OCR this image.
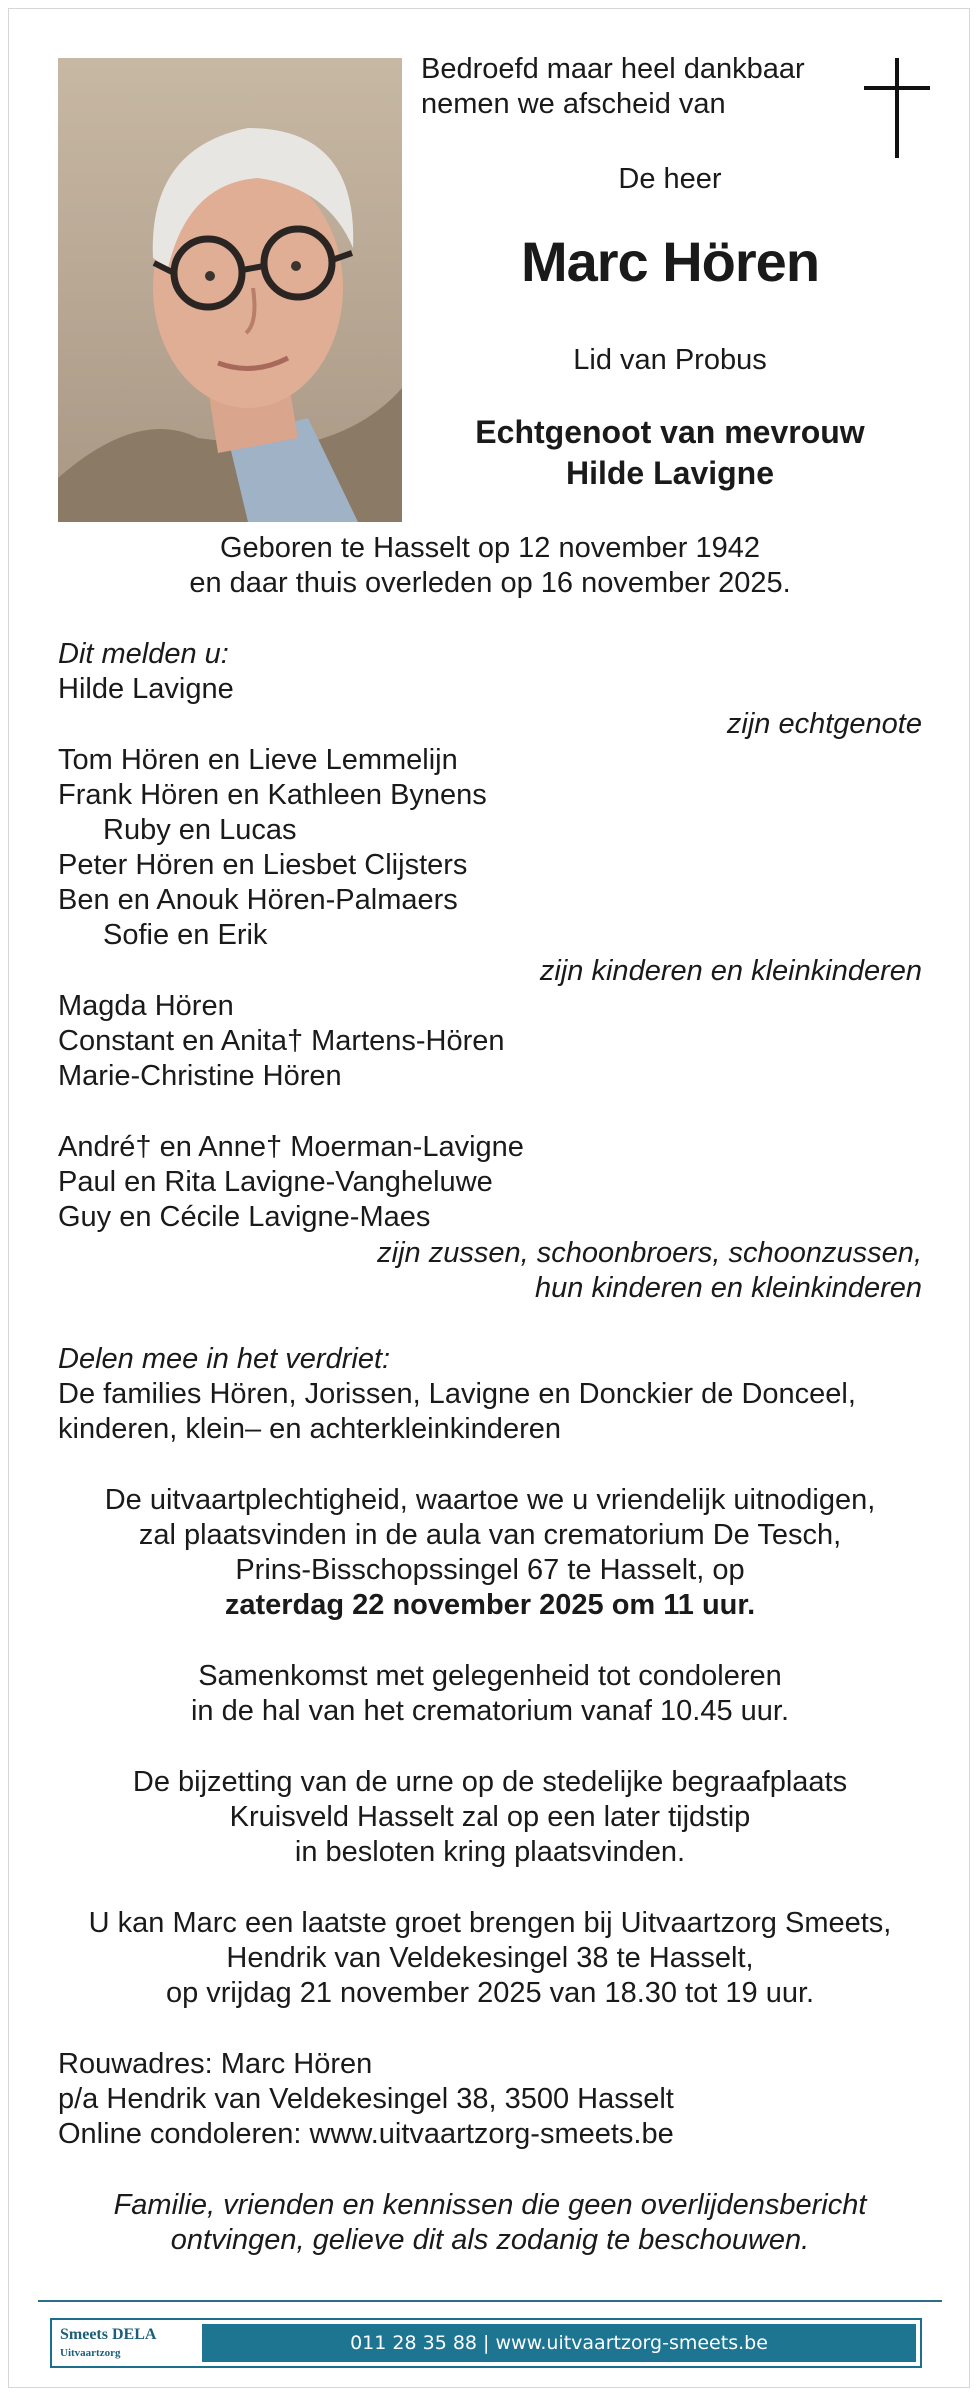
Bedroefd maar heel dankbaar
nemen we afscheid van
De heer
Marc Hören
Lid van Probus
Echtgenoot van mevrouw
Hilde Lavigne
Geboren te Hasselt op 12 november 1942
en daar thuis overleden op 16 november 2025.
Dit melden u:
Hilde Lavigne
zijn echtgenote
Tom Hören en Lieve Lemmelijn
Frank Hören en Kathleen Bynens
Ruby en Lucas
Peter Hören en Liesbet Clijsters
Ben en Anouk Hören-Palmaers
Sofie en Erik
zijn kinderen en kleinkinderen
Magda Hören
Constant en Anita† Martens-Hören
Marie-Christine Hören
André† en Anne† Moerman-Lavigne
Paul en Rita Lavigne-Vangheluwe
Guy en Cécile Lavigne-Maes
zijn zussen, schoonbroers, schoonzussen,
hun kinderen en kleinkinderen
Delen mee in het verdriet:
De families Hören, Jorissen, Lavigne en Donckier de Donceel,
kinderen, klein– en achterkleinkinderen
De uitvaartplechtigheid, waartoe we u vriendelijk uitnodigen,
zal plaatsvinden in de aula van crematorium De Tesch,
Prins-Bisschopssingel 67 te Hasselt, op
zaterdag 22 november 2025 om 11 uur.
Samenkomst met gelegenheid tot condoleren
in de hal van het crematorium vanaf 10.45 uur.
De bijzetting van de urne op de stedelijke begraafplaats
Kruisveld Hasselt zal op een later tijdstip
in besloten kring plaatsvinden.
U kan Marc een laatste groet brengen bij Uitvaartzorg Smeets,
Hendrik van Veldekesingel 38 te Hasselt,
op vrijdag 21 november 2025 van 18.30 tot 19 uur.
Rouwadres: Marc Hören
p/a Hendrik van Veldekesingel 38, 3500 Hasselt
Online condoleren: www.uitvaartzorg-smeets.be
Familie, vrienden en kennissen die geen overlijdensbericht
ontvingen, gelieve dit als zodanig te beschouwen.
011 28 35 88 | www.uitvaartzorg-smeets.be
Smeets DELA
Uitvaartzorg
